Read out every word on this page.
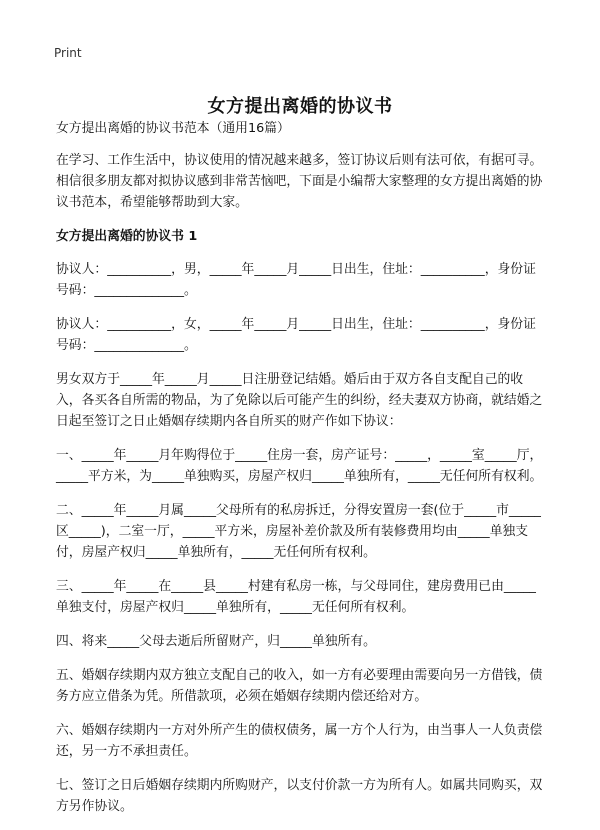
Print
女方提出离婚的协议书

女方提出离婚的协议书范本（通用16篇）

在学习、工作生活中，协议使用的情况越来越多，签订协议后则有法可依，有据可寻。相信很多朋友都对拟协议感到非常苦恼吧，下面是小编帮大家整理的女方提出离婚的协议书范本，希望能够帮助到大家。

女方提出离婚的协议书 1

协议人：__________，男，_____年_____月_____日出生，住址：__________，身份证号码：______________。

协议人：__________，女，_____年_____月_____日出生，住址：__________，身份证号码：______________。

男女双方于_____年_____月_____日注册登记结婚。婚后由于双方各自支配自己的收入，各买各自所需的物品，为了免除以后可能产生的纠纷，经夫妻双方协商，就结婚之日起至签订之日止婚姻存续期内各自所买的财产作如下协议：

一、_____年_____月年购得位于_____住房一套，房产证号：_____，_____室_____厅，_____平方米，为_____单独购买，房屋产权归_____单独所有，_____无任何所有权利。

二、_____年_____月属_____父母所有的私房拆迁，分得安置房一套(位于_____市_____区_____)，二室一厅，_____平方米，房屋补差价款及所有装修费用均由_____单独支付，房屋产权归_____单独所有，_____无任何所有权利。

三、_____年_____在_____县_____村建有私房一栋，与父母同住，建房费用已由_____单独支付，房屋产权归_____单独所有，_____无任何所有权利。

四、将来_____父母去逝后所留财产，归_____单独所有。

五、婚姻存续期内双方独立支配自己的收入，如一方有必要理由需要向另一方借钱，债务方应立借条为凭。所借款项，必须在婚姻存续期内偿还给对方。

六、婚姻存续期内一方对外所产生的债权债务，属一方个人行为，由当事人一人负责偿还，另一方不承担责任。

七、签订之日后婚姻存续期内所购财产，以支付价款一方为所有人。如属共同购买，双方另作协议。
